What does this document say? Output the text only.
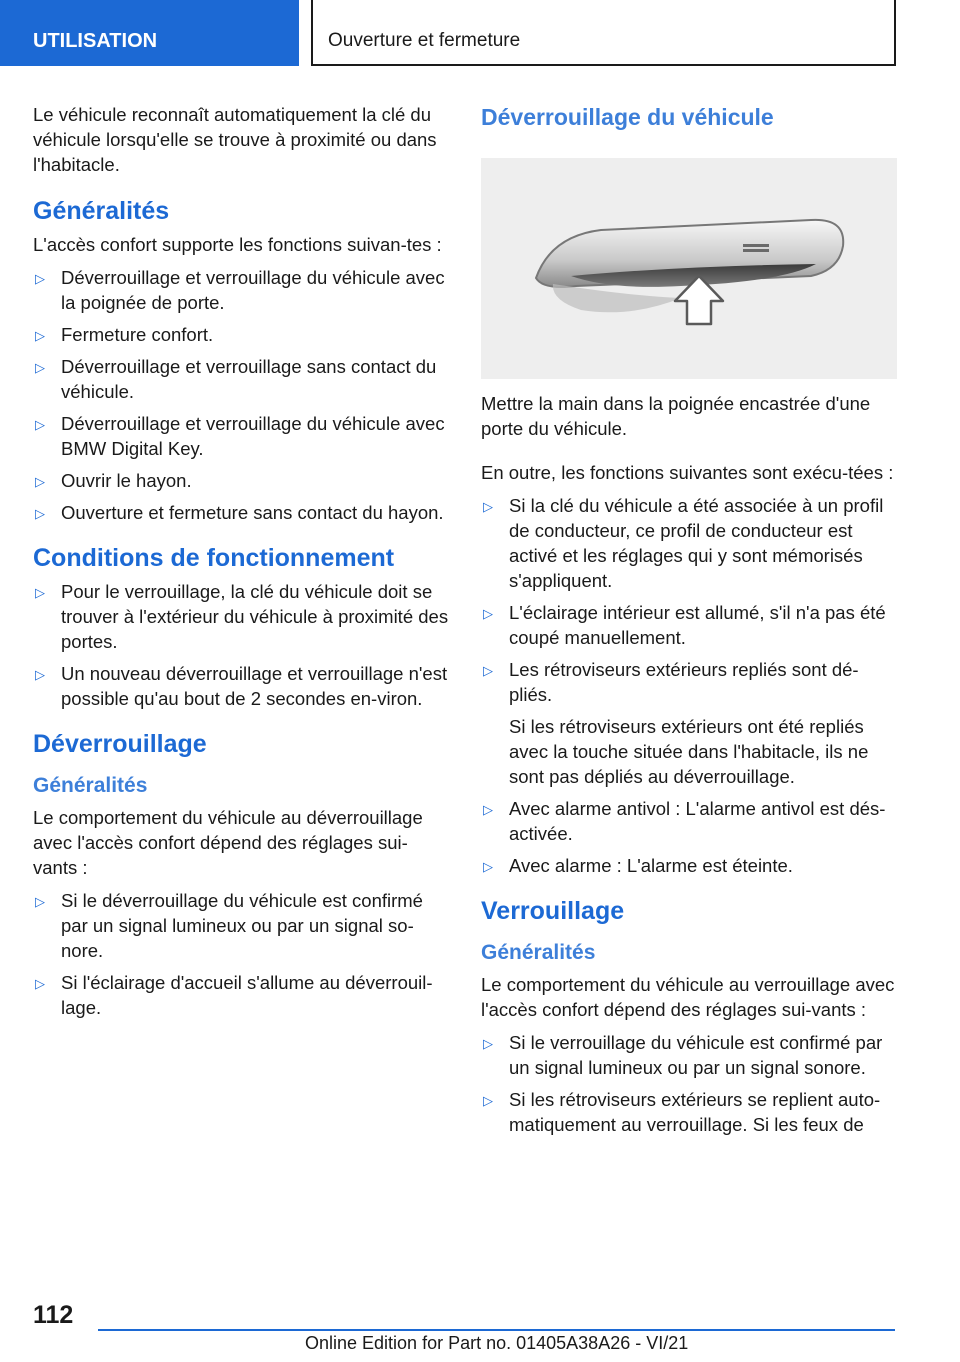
UTILISATION	Ouverture et fermeture

Le véhicule reconnaît automatiquement la clé du véhicule lorsqu'elle se trouve à proximité ou dans l'habitacle.

Généralités

L'accès confort supporte les fonctions suivan-tes :

▷ Déverrouillage et verrouillage du véhicule avec la poignée de porte.
▷ Fermeture confort.
▷ Déverrouillage et verrouillage sans contact du véhicule.
▷ Déverrouillage et verrouillage du véhicule avec BMW Digital Key.
▷ Ouvrir le hayon.
▷ Ouverture et fermeture sans contact du hayon.
Conditions de fonctionnement
▷ Pour le verrouillage, la clé du véhicule doit se trouver à l'extérieur du véhicule à proximité des portes.
▷ Un nouveau déverrouillage et verrouillage n'est possible qu'au bout de 2 secondes en-viron.
Déverrouillage
Généralités

Le comportement du véhicule au déverrouillage avec l'accès confort dépend des réglages sui-vants :

▷ Si le déverrouillage du véhicule est confirmé par un signal lumineux ou par un signal so-nore.
▷ Si l'éclairage d'accueil s'allume au déverrouil-lage.
Déverrouillage du véhicule

Mettre la main dans la poignée encastrée d'une porte du véhicule.

En outre, les fonctions suivantes sont exécu-tées :

▷ Si la clé du véhicule a été associée à un profil de conducteur, ce profil de conducteur est activé et les réglages qui y sont mémorisés s'appliquent.
▷ L'éclairage intérieur est allumé, s'il n'a pas été coupé manuellement.
▷ Les rétroviseurs extérieurs repliés sont dé-pliés.
Si les rétroviseurs extérieurs ont été repliés avec la touche située dans l'habitacle, ils ne sont pas dépliés au déverrouillage.
▷ Avec alarme antivol : L'alarme antivol est dés-activée.
▷ Avec alarme : L'alarme est éteinte.
Verrouillage
Généralités

Le comportement du véhicule au verrouillage avec l'accès confort dépend des réglages sui-vants :

▷ Si le verrouillage du véhicule est confirmé par un signal lumineux ou par un signal sonore.
▷ Si les rétroviseurs extérieurs se replient auto-matiquement au verrouillage. Si les feux de
112
Online Edition for Part no. 01405A38A26 - VI/21
